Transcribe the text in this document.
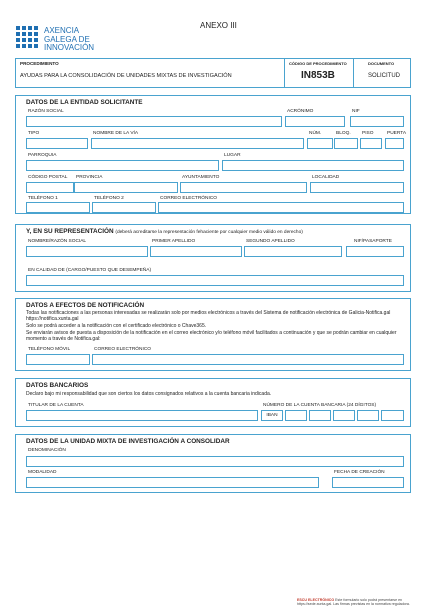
AXENCIA
GALEGA DE
INNOVACIÓN
ANEXO III
PROCEDIMIENTO
AYUDAS PARA LA CONSOLIDACIÓN DE UNIDADES MIXTAS DE INVESTIGACIÓN
CÓDIGO DE PROCEDIMIENTO
IN853B
DOCUMENTO
SOLICITUD
DATOS DE LA ENTIDAD SOLICITANTE
RAZÓN SOCIAL	ACRÓNIMO	NIF
TIPO	NOMBRE DE LA VÍA	NÚM.	BLOQ. PISO	PUERTA
PARROQUIA	LUGAR
CÓDIGO POSTAL PROVINCIA	AYUNTAMIENTO	LOCALIDAD
TELÉFONO 1	TELÉFONO 2	CORREO ELECTRÓNICO
Y, EN SU REPRESENTACIÓN (deberá acreditarse la representación fehaciente por cualquier medio válido en derecho)
NOMBRE/RAZÓN SOCIAL	PRIMER APELLIDO	SEGUNDO APELLIDO	NIF/PASAPORTE
EN CALIDAD DE (CARGO/PUESTO QUE DESEMPEÑA)
DATOS A EFECTOS DE NOTIFICACIÓN
Todas las notificaciones a las personas interesadas se realizarán solo por medios electrónicos a través del Sistema de notificación electrónica de Galicia-Notifica.gal https://notifica.xunta.gal
Solo se podrá acceder a la notificación con el certificado electrónico o Chave365.
Se enviarán avisos de puesta a disposición de la notificación en el correo electrónico y/o teléfono móvil facilitados a continuación y que se podrán cambiar en cualquier momento a través de Notifica.gal:
TELÉFONO MÓVIL	CORREO ELECTRÓNICO
DATOS BANCARIOS
Declaro bajo mi responsabilidad que son ciertos los datos consignados relativos a la cuenta bancaria indicada.
TITULAR DE LA CUENTA	NÚMERO DE LA CUENTA BANCARIA (24 DÍGITOS)
IBAN
DATOS DE LA UNIDAD MIXTA DE INVESTIGACIÓN A CONSOLIDAR
DENOMINACIÓN
MODALIDAD	FECHA DE CREACIÓN
ESCU ELECTRÓNICO Este formulario solo podrá presentarse en https://sede.xunta.gal. Las firmas previstas en la normativa reguladora.
